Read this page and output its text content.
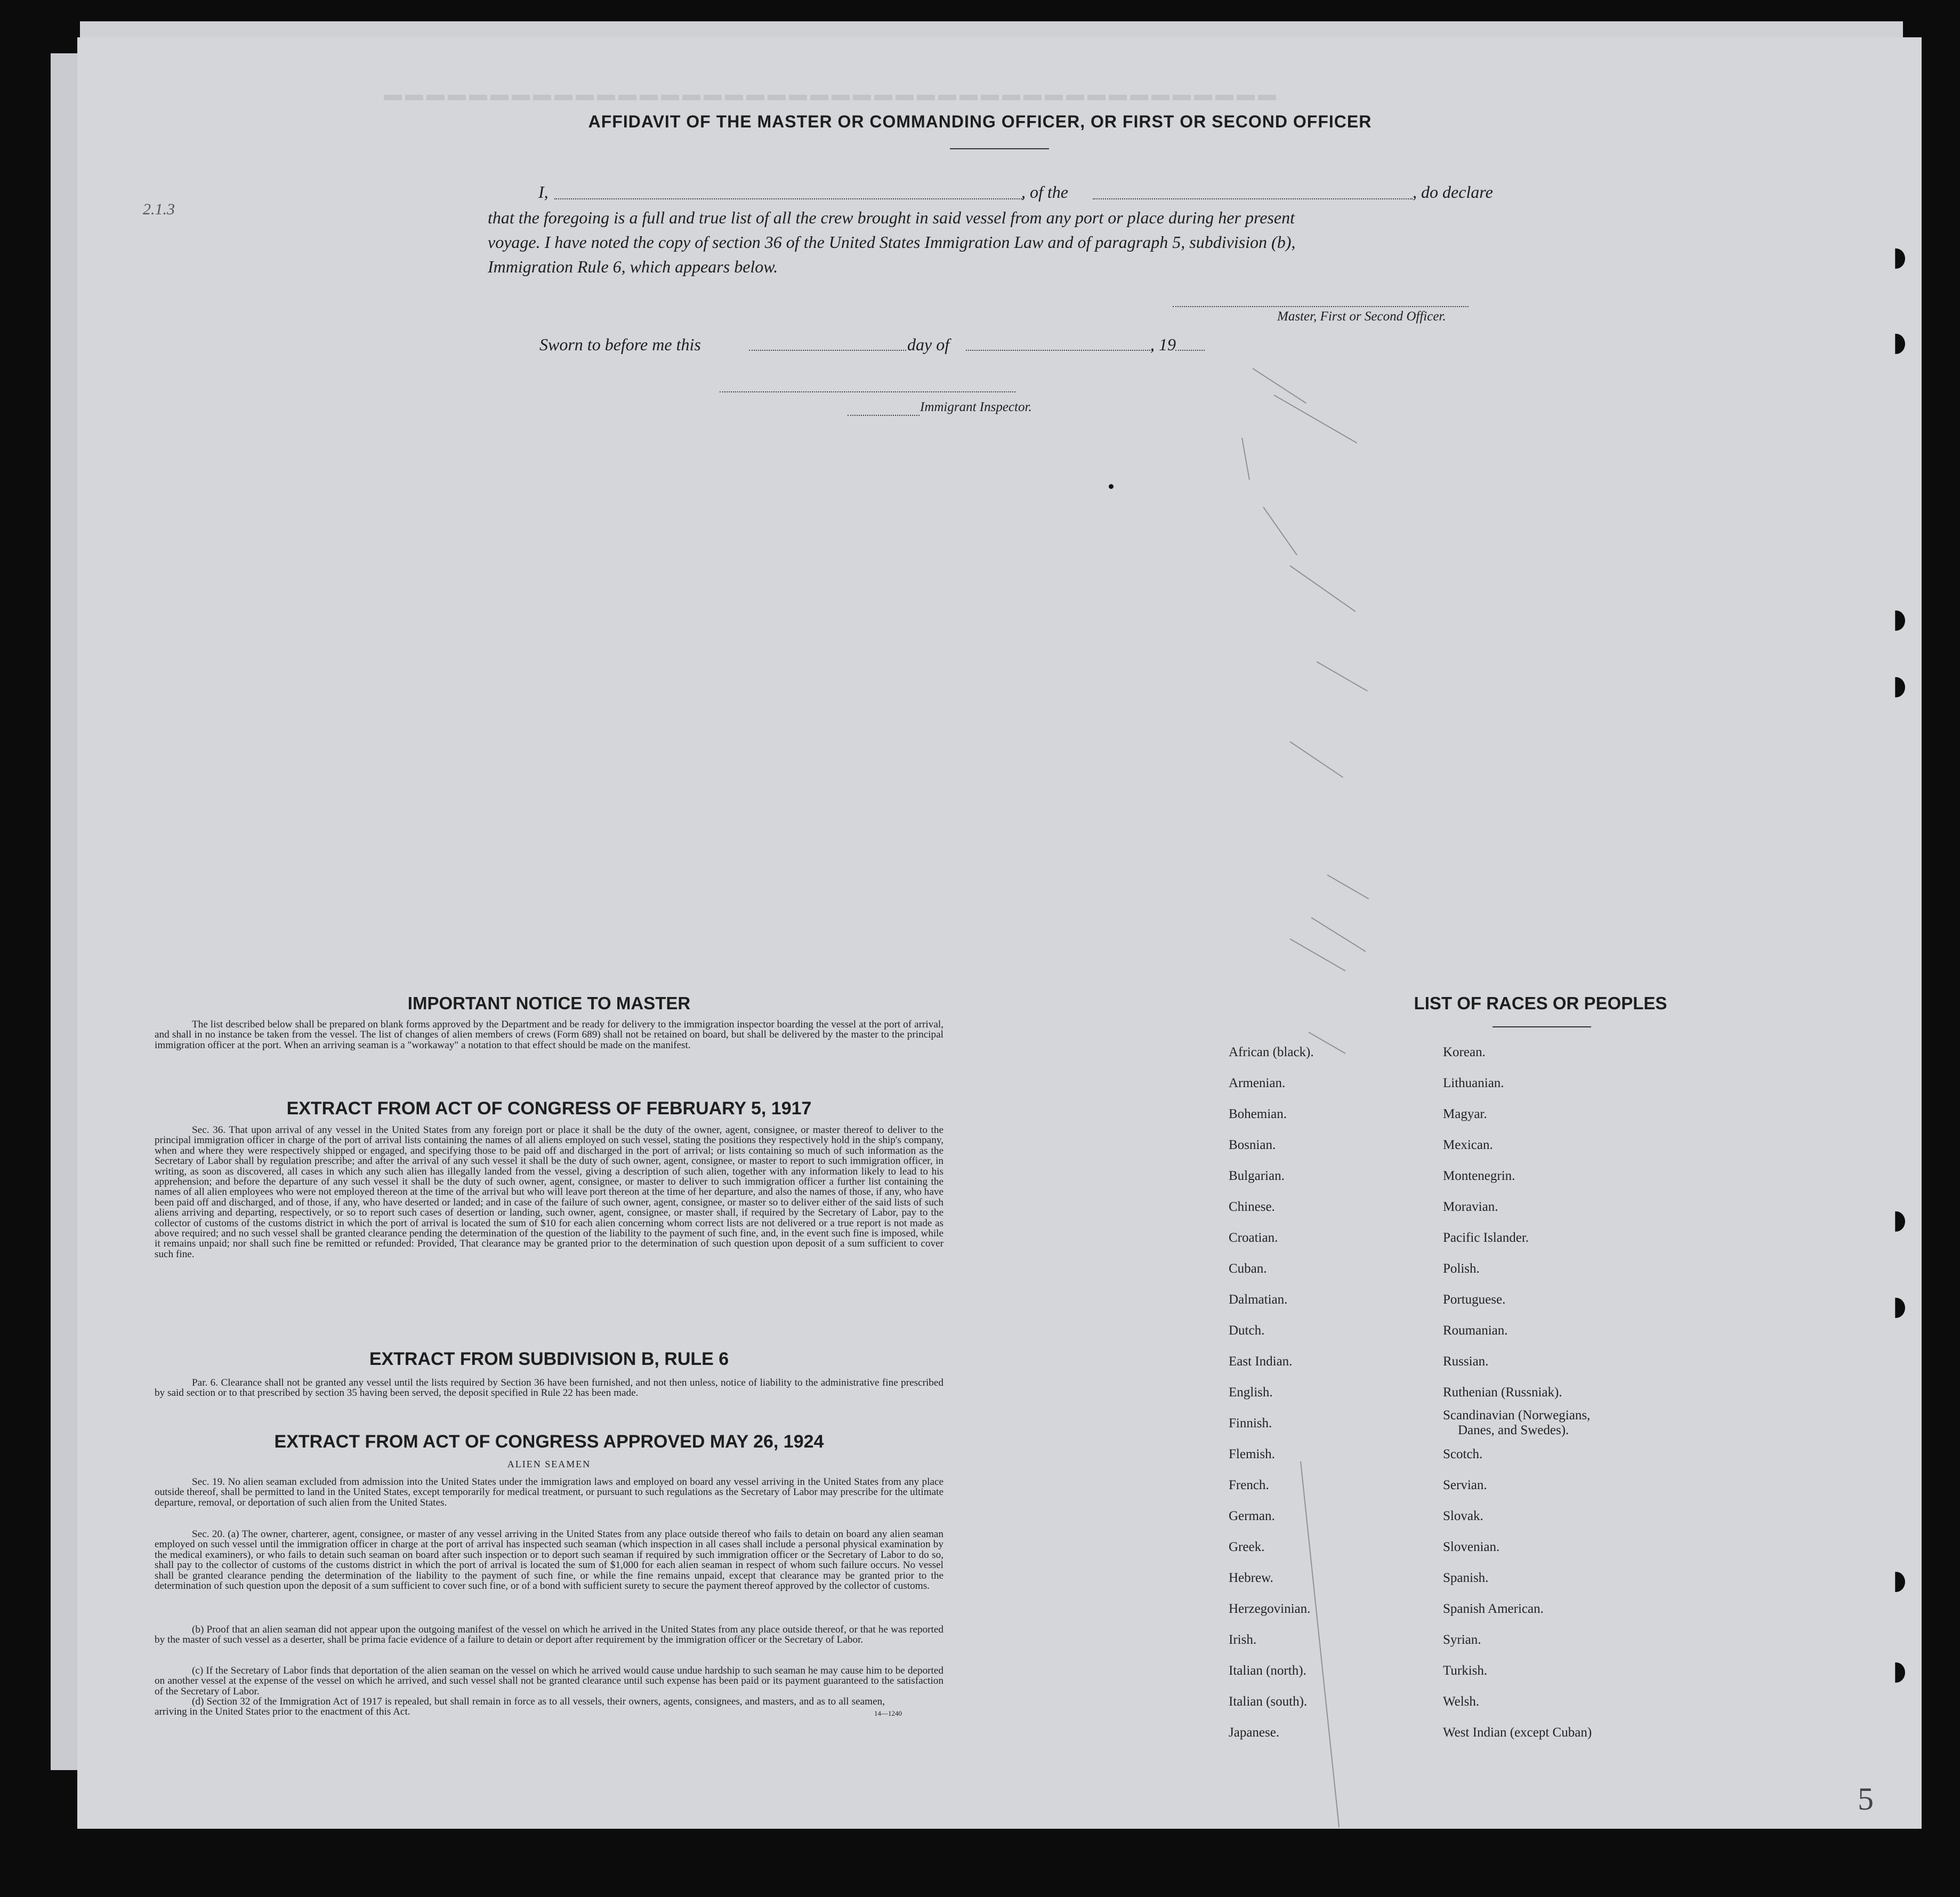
▬▬▬▬▬▬▬▬▬▬▬▬▬▬▬▬▬▬▬▬▬▬▬▬▬▬▬▬▬▬▬▬▬▬▬▬▬▬▬▬▬▬
2.1.3
5
AFFIDAVIT OF THE MASTER OR COMMANDING OFFICER, OR FIRST OR SECOND OFFICER
I,	, of the	, do declare
that the foregoing is a full and true list of all the crew brought in said vessel from any port or place during her present
voyage. I have noted the copy of section 36 of the United States Immigration Law and of paragraph 5, subdivision (b),
Immigration Rule 6, which appears below.
Master, First or Second Officer.
Sworn to before me this	day of	, 19
Immigrant Inspector.
IMPORTANT NOTICE TO MASTER
The list described below shall be prepared on blank forms approved by the Department and be ready for delivery to the immigration inspector boarding the vessel at the port of arrival, and shall in no instance be taken from the vessel. The list of changes of alien members of crews (Form 689) shall not be retained on board, but shall be delivered by the master to the principal immigration officer at the port. When an arriving seaman is a "workaway" a notation to that effect should be made on the manifest.
EXTRACT FROM ACT OF CONGRESS OF FEBRUARY 5, 1917
Sec. 36. That upon arrival of any vessel in the United States from any foreign port or place it shall be the duty of the owner, agent, consignee, or master thereof to deliver to the principal immigration officer in charge of the port of arrival lists containing the names of all aliens employed on such vessel, stating the positions they respectively hold in the ship's company, when and where they were respectively shipped or engaged, and specifying those to be paid off and discharged in the port of arrival; or lists containing so much of such information as the Secretary of Labor shall by regulation prescribe; and after the arrival of any such vessel it shall be the duty of such owner, agent, consignee, or master to report to such immigration officer, in writing, as soon as discovered, all cases in which any such alien has illegally landed from the vessel, giving a description of such alien, together with any information likely to lead to his apprehension; and before the departure of any such vessel it shall be the duty of such owner, agent, consignee, or master to deliver to such immigration officer a further list containing the names of all alien employees who were not employed thereon at the time of the arrival but who will leave port thereon at the time of her departure, and also the names of those, if any, who have been paid off and discharged, and of those, if any, who have deserted or landed; and in case of the failure of such owner, agent, consignee, or master so to deliver either of the said lists of such aliens arriving and departing, respectively, or so to report such cases of desertion or landing, such owner, agent, consignee, or master shall, if required by the Secretary of Labor, pay to the collector of customs of the customs district in which the port of arrival is located the sum of $10 for each alien concerning whom correct lists are not delivered or a true report is not made as above required; and no such vessel shall be granted clearance pending the determination of the question of the liability to the payment of such fine, and, in the event such fine is imposed, while it remains unpaid; nor shall such fine be remitted or refunded: Provided, That clearance may be granted prior to the determination of such question upon deposit of a sum sufficient to cover such fine.
EXTRACT FROM SUBDIVISION B, RULE 6
Par. 6. Clearance shall not be granted any vessel until the lists required by Section 36 have been furnished, and not then unless, notice of liability to the administrative fine prescribed by said section or to that prescribed by section 35 having been served, the deposit specified in Rule 22 has been made.
EXTRACT FROM ACT OF CONGRESS APPROVED MAY 26, 1924
ALIEN SEAMEN
Sec. 19. No alien seaman excluded from admission into the United States under the immigration laws and employed on board any vessel arriving in the United States from any place outside thereof, shall be permitted to land in the United States, except temporarily for medical treatment, or pursuant to such regulations as the Secretary of Labor may prescribe for the ultimate departure, removal, or deportation of such alien from the United States.
Sec. 20. (a) The owner, charterer, agent, consignee, or master of any vessel arriving in the United States from any place outside thereof who fails to detain on board any alien seaman employed on such vessel until the immigration officer in charge at the port of arrival has inspected such seaman (which inspection in all cases shall include a personal physical examination by the medical examiners), or who fails to detain such seaman on board after such inspection or to deport such seaman if required by such immigration officer or the Secretary of Labor to do so, shall pay to the collector of customs of the customs district in which the port of arrival is located the sum of $1,000 for each alien seaman in respect of whom such failure occurs. No vessel shall be granted clearance pending the determination of the liability to the payment of such fine, or while the fine remains unpaid, except that clearance may be granted prior to the determination of such question upon the deposit of a sum sufficient to cover such fine, or of a bond with sufficient surety to secure the payment thereof approved by the collector of customs.
(b) Proof that an alien seaman did not appear upon the outgoing manifest of the vessel on which he arrived in the United States from any place outside thereof, or that he was reported by the master of such vessel as a deserter, shall be prima facie evidence of a failure to detain or deport after requirement by the immigration officer or the Secretary of Labor.
(c) If the Secretary of Labor finds that deportation of the alien seaman on the vessel on which he arrived would cause undue hardship to such seaman he may cause him to be deported on another vessel at the expense of the vessel on which he arrived, and such vessel shall not be granted clearance until such expense has been paid or its payment guaranteed to the satisfaction of the Secretary of Labor.
(d) Section 32 of the Immigration Act of 1917 is repealed, but shall remain in force as to all vessels, their owners, agents, consignees, and masters, and as to all seamen, arriving in the United States prior to the enactment of this Act.	14—1240
LIST OF RACES OR PEOPLES
African (black).
Armenian.
Bohemian.
Bosnian.
Bulgarian.
Chinese.
Croatian.
Cuban.
Dalmatian.
Dutch.
East Indian.
English.
Finnish.
Flemish.
French.
German.
Greek.
Hebrew.
Herzegovinian.
Irish.
Italian (north).
Italian (south).
Japanese.
Korean.
Lithuanian.
Magyar.
Mexican.
Montenegrin.
Moravian.
Pacific Islander.
Polish.
Portuguese.
Roumanian.
Russian.
Ruthenian (Russniak).
Scandinavian (Norwegians,
Danes, and Swedes).
Scotch.
Servian.
Slovak.
Slovenian.
Spanish.
Spanish American.
Syrian.
Turkish.
Welsh.
West Indian (except Cuban)
